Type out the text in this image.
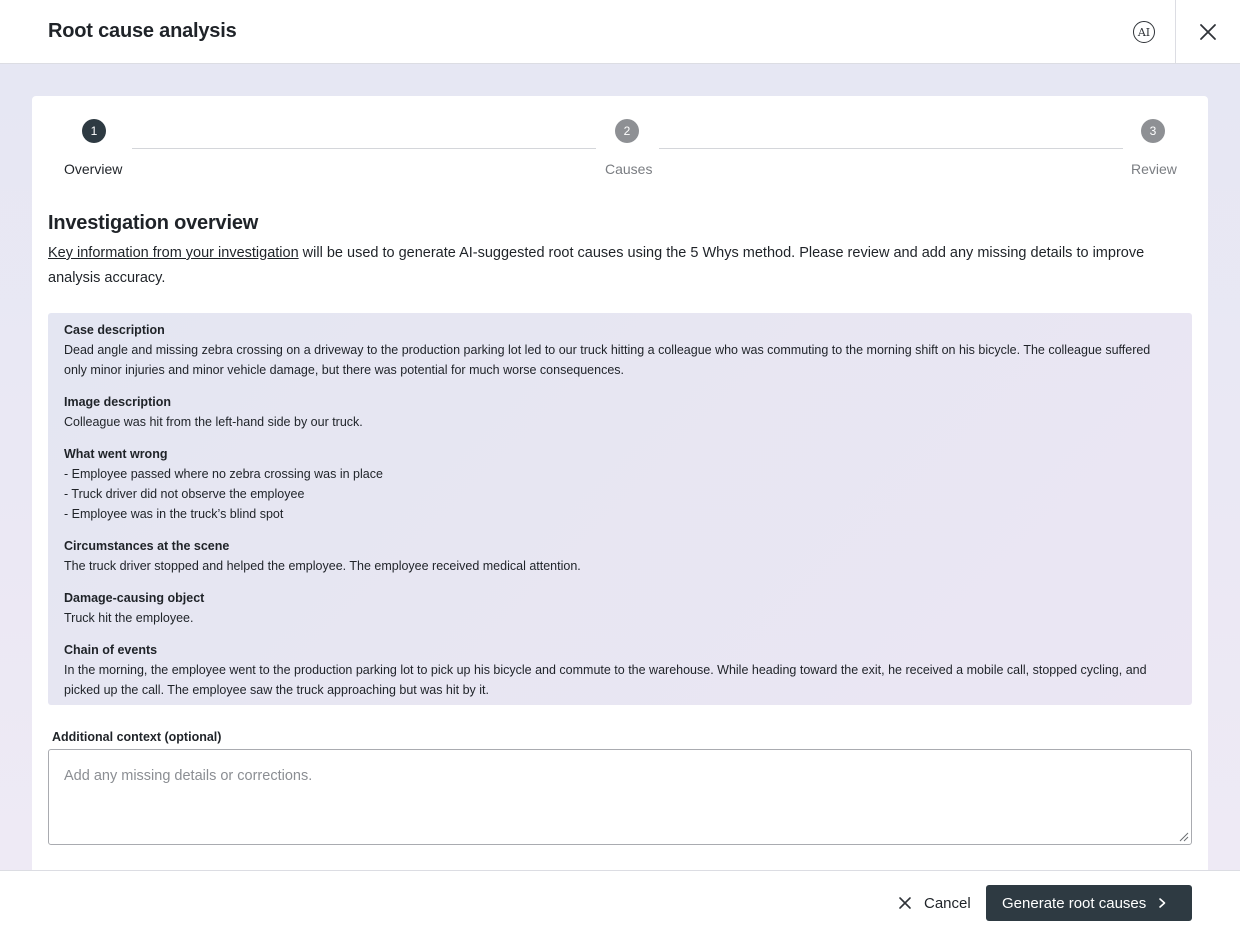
Root cause analysis	AI
1	2	3
Overview	Causes	Review
Investigation overview
Key information from your investigation will be used to generate AI-suggested root causes using the 5 Whys method. Please review and add any missing details to improve analysis accuracy.
Case description
Dead angle and missing zebra crossing on a driveway to the production parking lot led to our truck hitting a colleague who was commuting to the morning shift on his bicycle. The colleague suffered only minor injuries and minor vehicle damage, but there was potential for much worse consequences.
Image description
Colleague was hit from the left-hand side by our truck.
What went wrong
- Employee passed where no zebra crossing was in place
- Truck driver did not observe the employee
- Employee was in the truck’s blind spot
Circumstances at the scene
The truck driver stopped and helped the employee. The employee received medical attention.
Damage-causing object
Truck hit the employee.
Chain of events
In the morning, the employee went to the production parking lot to pick up his bicycle and commute to the warehouse. While heading toward the exit, he received a mobile call, stopped cycling, and picked up the call. The employee saw the truck approaching but was hit by it.
Additional context (optional)
Add any missing details or corrections.
Cancel Generate root causes
